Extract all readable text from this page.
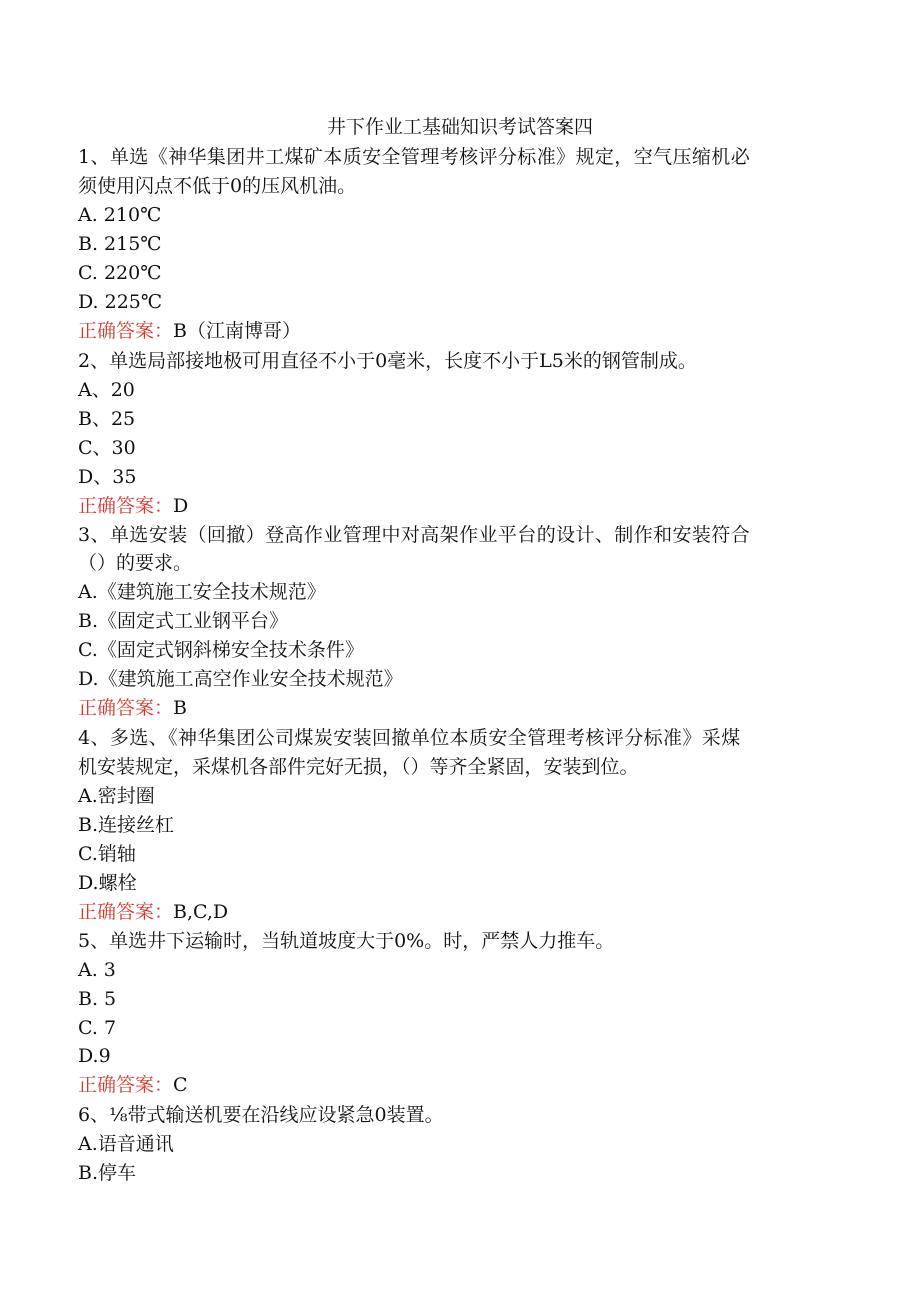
井下作业工基础知识考试答案四
1、单选《神华集团井工煤矿本质安全管理考核评分标准》规定，空气压缩机必
须使用闪点不低于0的压风机油。
A. 210℃
B. 215℃
C. 220℃
D. 225℃
正确答案：B（江南博哥）
2、单选局部接地极可用直径不小于0毫米，长度不小于L5米的钢管制成。
A、20
B、25
C、30
D、35
正确答案：D
3、单选安装（回撤）登高作业管理中对高架作业平台的设计、制作和安装符合
（）的要求。
A.《建筑施工安全技术规范》
B.《固定式工业钢平台》
C.《固定式钢斜梯安全技术条件》
D.《建筑施工高空作业安全技术规范》
正确答案：B
4、多选、《神华集团公司煤炭安装回撤单位本质安全管理考核评分标准》采煤
机安装规定，采煤机各部件完好无损，（）等齐全紧固，安装到位。
A.密封圈
B.连接丝杠
C.销轴
D.螺栓
正确答案：B,C,D
5、单选井下运输时，当轨道坡度大于0%。时，严禁人力推车。
A. 3
B. 5
C. 7
D.9
正确答案：C
6、⅛带式输送机要在沿线应设紧急0装置。
A.语音通讯
B.停车
